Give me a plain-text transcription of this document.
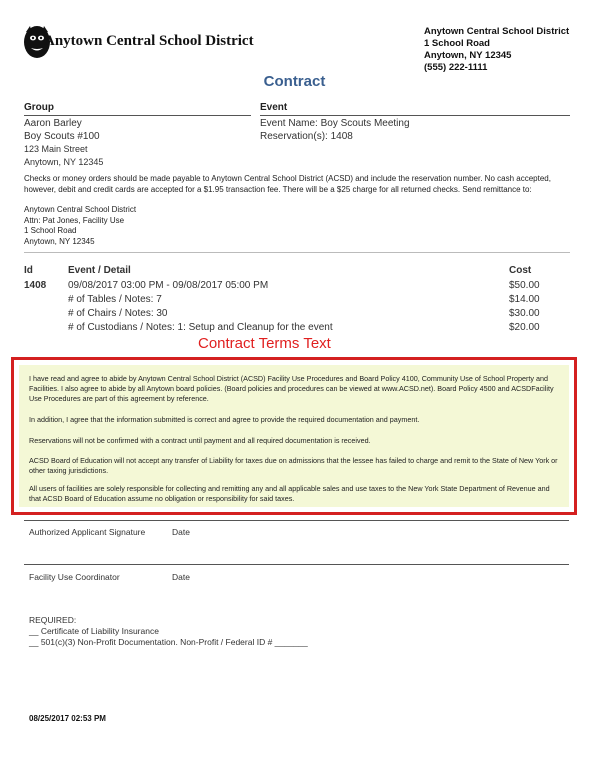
Anytown Central School District
Anytown Central School District
1 School Road
Anytown, NY 12345
(555) 222-1111
Contract
Group	Event
Aaron Barley
Boy Scouts #100
123 Main Street
Anytown, NY 12345
Event Name: Boy Scouts Meeting
Reservation(s): 1408
Checks or money orders should be made payable to Anytown Central School District (ACSD) and include the reservation number. No cash accepted, however, debit and credit cards are accepted for a $1.95 transaction fee. There will be a $25 charge for all returned checks. Send remittance to:
Anytown Central School District
Attn: Pat Jones, Facility Use
1 School Road
Anytown, NY 12345
Id	Event / Detail	Cost
1408 09/08/2017 03:00 PM - 09/08/2017 05:00 PM	$50.00
# of Tables / Notes: 7	$14.00
# of Chairs / Notes: 30	$30.00
# of Custodians / Notes: 1: Setup and Cleanup for the event	$20.00
Contract Terms Text
I have read and agree to abide by Anytown Central School District (ACSD) Facility Use Procedures and Board Policy 4100, Community Use of School Property and Facilities. I also agree to abide by all Anytown board policies. (Board policies and procedures can be viewed at www.ACSD.net). Board Policy 4500 and ACSDFacility Use Procedures are part of this agreement by reference.
In addition, I agree that the information submitted is correct and agree to provide the required documentation and payment.
Reservations will not be confirmed with a contract until payment and all required documentation is received.
ACSD Board of Education will not accept any transfer of Liability for taxes due on admissions that the lessee has failed to charge and remit to the State of New York or other taxing jurisdictions.
All users of facilities are solely responsible for collecting and remitting any and all applicable sales and use taxes to the New York State Department of Revenue and that ACSD Board of Education assume no obligation or responsibility for said taxes.
Authorized Applicant Signature	Date
Facility Use Coordinator	Date
REQUIRED:
__ Certificate of Liability Insurance
__ 501(c)(3) Non-Profit Documentation. Non-Profit / Federal ID # _______
08/25/2017 02:53 PM
